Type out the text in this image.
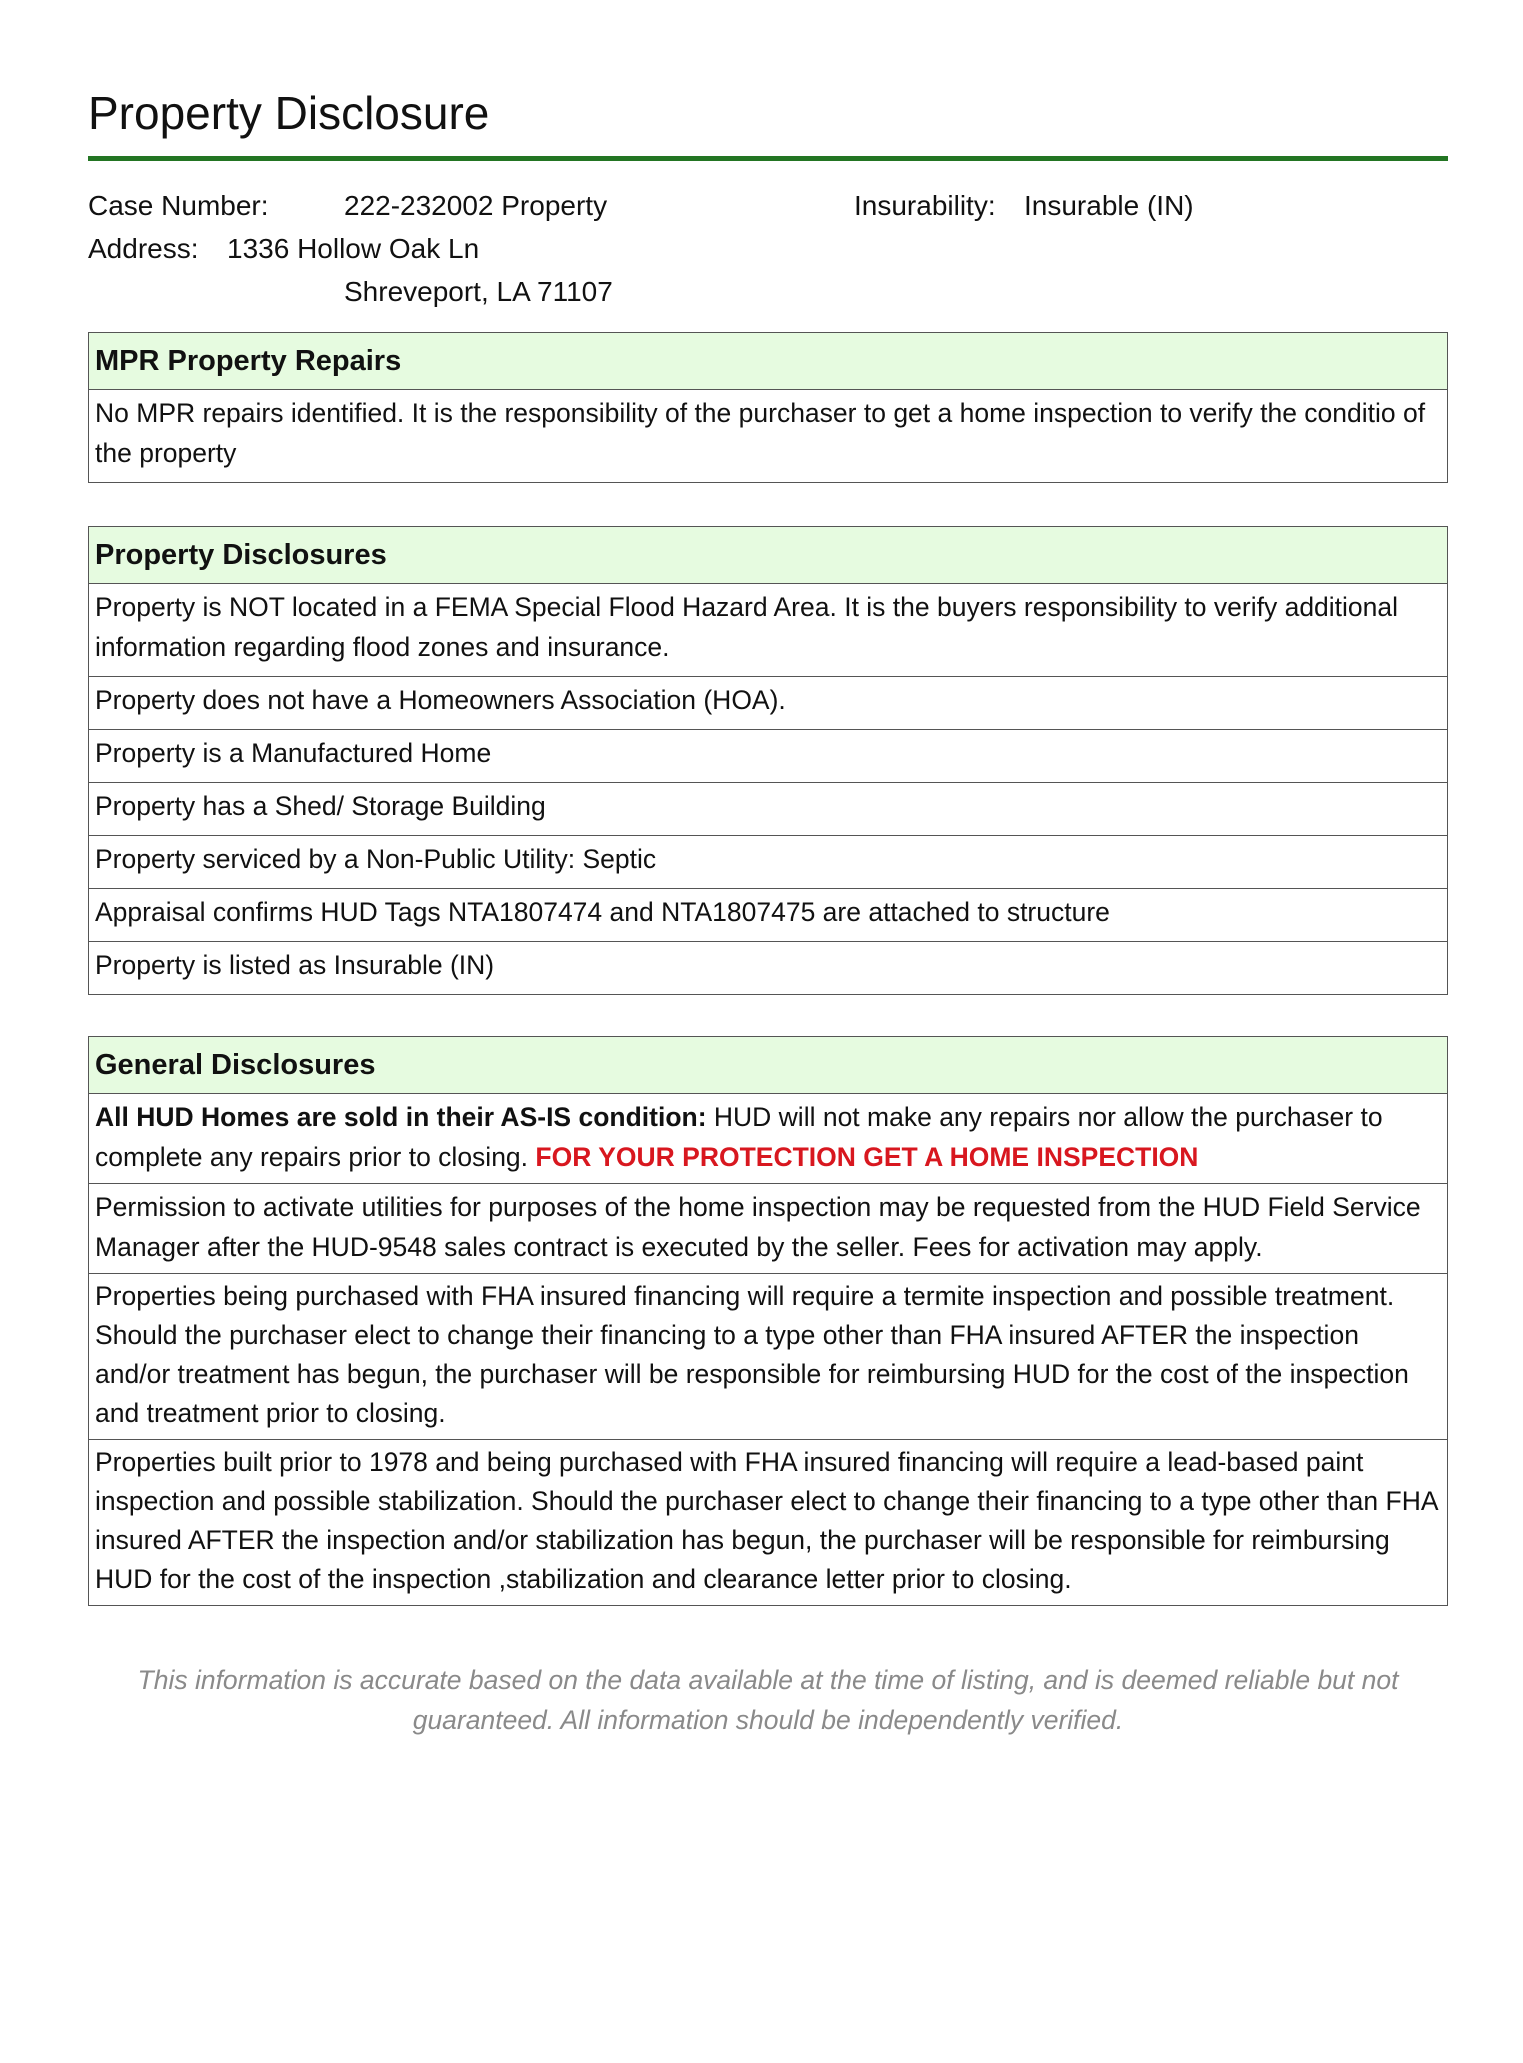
Property Disclosure
Case Number:	222-232002 Property	Insurability: Insurable (IN)
Address: 1336 Hollow Oak Ln
Shreveport, LA 71107
MPR Property Repairs
No MPR repairs identified. It is the responsibility of the purchaser to get a home inspection to verify the conditio of the property
Property Disclosures
Property is NOT located in a FEMA Special Flood Hazard Area. It is the buyers responsibility to verify additional information regarding flood zones and insurance.
Property does not have a Homeowners Association (HOA).
Property is a Manufactured Home
Property has a Shed/ Storage Building
Property serviced by a Non-Public Utility: Septic
Appraisal confirms HUD Tags NTA1807474 and NTA1807475 are attached to structure
Property is listed as Insurable (IN)
General Disclosures
All HUD Homes are sold in their AS-IS condition: HUD will not make any repairs nor allow the purchaser to complete any repairs prior to closing. FOR YOUR PROTECTION GET A HOME INSPECTION
Permission to activate utilities for purposes of the home inspection may be requested from the HUD Field Service Manager after the HUD-9548 sales contract is executed by the seller. Fees for activation may apply.
Properties being purchased with FHA insured financing will require a termite inspection and possible treatment. Should the purchaser elect to change their financing to a type other than FHA insured AFTER the inspection and/or treatment has begun, the purchaser will be responsible for reimbursing HUD for the cost of the inspection and treatment prior to closing.
Properties built prior to 1978 and being purchased with FHA insured financing will require a lead-based paint inspection and possible stabilization. Should the purchaser elect to change their financing to a type other than FHA insured AFTER the inspection and/or stabilization has begun, the purchaser will be responsible for reimbursing HUD for the cost of the inspection ,stabilization and clearance letter prior to closing.
This information is accurate based on the data available at the time of listing, and is deemed reliable but not guaranteed. All information should be independently verified.
